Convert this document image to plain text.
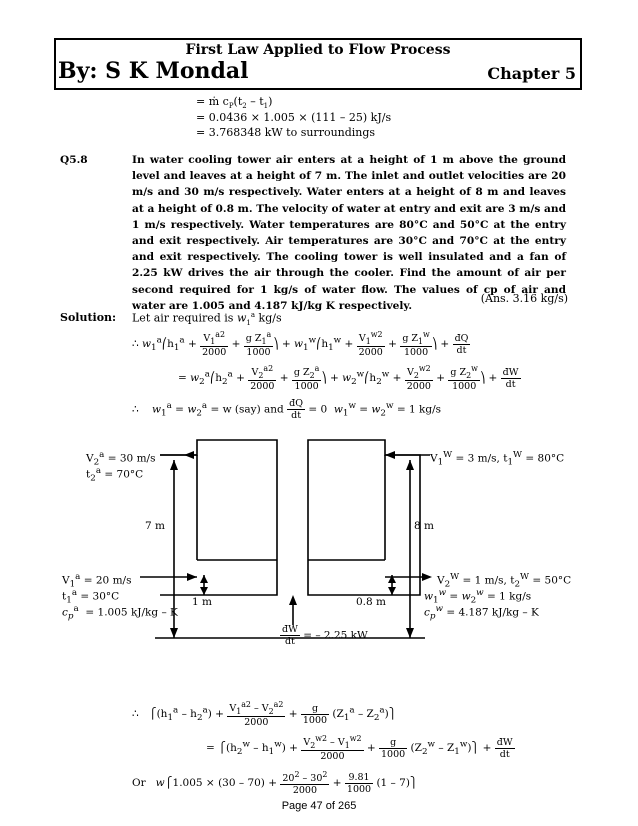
First Law Applied to Flow Process
By: S K Mondal	Chapter 5
= ṁ $c_P(t_2 - t_1)$
= 0.0436 × 1.005 × (111 – 25) kJ/s
= 3.768348 kW to surroundings
Q5.8	In water cooling tower air enters at a height of 1 m above the ground level and leaves at a height of 7 m. The inlet and outlet velocities are 20 m/s and 30 m/s respectively. Water enters at a height of 8 m and leaves at a height of 0.8 m. The velocity of water at entry and exit are 3 m/s and 1 m/s respectively. Water temperatures are 80°C and 50°C at the entry and exit respectively. Air temperatures are 30°C and 70°C at the entry and exit respectively. The cooling tower is well insulated and a fan of 2.25 kW drives the air through the cooler. Find the amount of air per second required for 1 kg/s of water flow. The values of cp of air and water are 1.005 and 4.187 kJ/kg K respectively.
(Ans. 3.16 kg/s)
Solution: Let air required is $w_1^a$ kg/s
∴ $w_1^a⎛h_1^a + \frac{V_1^{a2}}{2000} + \frac{g Z_1^a}{1000}$ ⎞ + $w_1^w⎛h_1^w + \frac{V_1^{w2}}{2000} + \frac{g Z_1^w}{1000}$ ⎞ + $\frac{đQ}{dt}$
= $w_2^a⎛h_2^a + \frac{V_2^{a2}}{2000} + \frac{g Z_2^a}{1000}$ ⎞ + $w_2^w⎛h_2^w + \frac{V_2^{w2}}{2000} + \frac{g Z_2^w}{1000}$ ⎞ + $\frac{đW}{dt}$
∴    $w_1^a = w_2^a = w$ (say) and $\frac{đQ}{dt} = 0$ $w_1^w = w_2^w = 1$ kg/s
$V_2^a = 30$ m/s
$t_2^a = 70^\circ C$
$V_1^W = 3$ m/s, $t_1^W = 80^\circ C$
7 m	8 m
$V_1^a = 20$ m/s
$t_1^a = 30^\circ C$
$c_p^a = 1.005$ kJ/kg – K
1 m	0.8 m
$V_2^W = 1$ m/s, $t_2^W = 50^\circ C$
$w_1^w = w_2^w = 1$ kg/s
$c_p^w = 4.187$ kJ/kg – K
$\frac{đW}{dt}$ = – 2.25 kW
∴   $⎧(h_1^a - h_2^a) + \frac{V_1^{a2} - V_2^{a2}}{2000} + \frac{g}{1000} (Z_1^a$ – $Z_2^a)⎫$
= $⎧(h_2^w - h_1^w) + \frac{V_2^{w2} - V_1^{w2}}{2000} + \frac{g}{1000} (Z_2^w$ – $Z_1^w)⎫ + \frac{đW}{dt}$
Or w⎧1.005 × $(30 - 70) + \frac{20^2 - 30^2}{2000} + \frac{9.81}{1000} (1$ – 7)⎫
Page 47 of 265
